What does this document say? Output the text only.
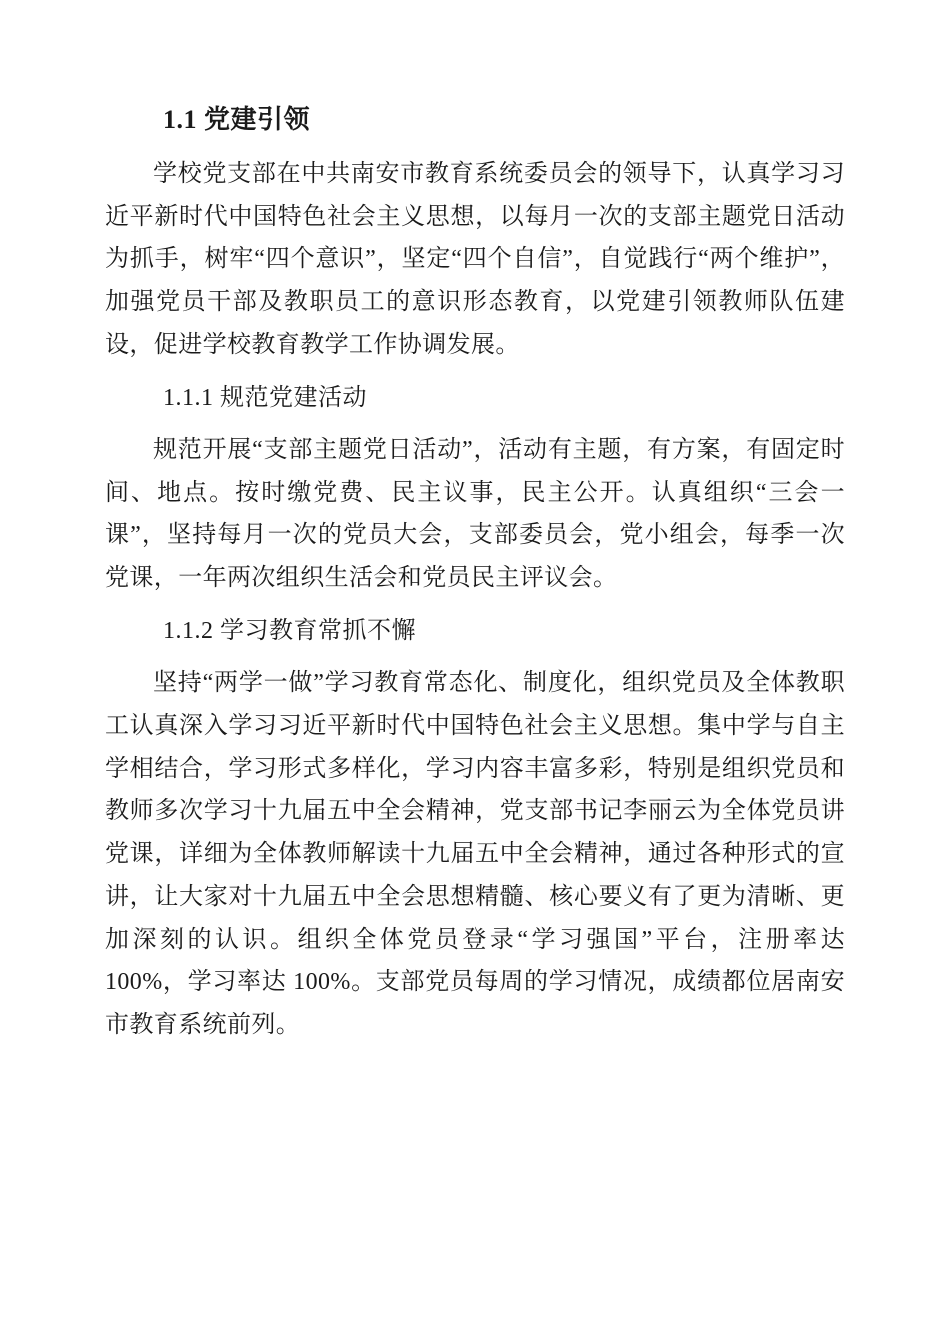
1.1 党建引领

学校党支部在中共南安市教育系统委员会的领导下，认真学习习近平新时代中国特色社会主义思想，以每月一次的支部主题党日活动为抓手，树牢“四个意识”，坚定“四个自信”，自觉践行“两个维护”，加强党员干部及教职员工的意识形态教育，以党建引领教师队伍建设，促进学校教育教学工作协调发展。

1.1.1 规范党建活动

规范开展“支部主题党日活动”，活动有主题，有方案，有固定时间、地点。按时缴党费、民主议事，民主公开。认真组织“三会一课”，坚持每月一次的党员大会，支部委员会，党小组会，每季一次党课，一年两次组织生活会和党员民主评议会。

1.1.2 学习教育常抓不懈

坚持“两学一做”学习教育常态化、制度化，组织党员及全体教职工认真深入学习习近平新时代中国特色社会主义思想。集中学与自主学相结合，学习形式多样化，学习内容丰富多彩，特别是组织党员和教师多次学习十九届五中全会精神，党支部书记李丽云为全体党员讲党课，详细为全体教师解读十九届五中全会精神，通过各种形式的宣讲，让大家对十九届五中全会思想精髓、核心要义有了更为清晰、更加深刻的认识。组织全体党员登录“学习强国”平台，注册率达 100%，学习率达 100%。支部党员每周的学习情况，成绩都位居南安市教育系统前列。
